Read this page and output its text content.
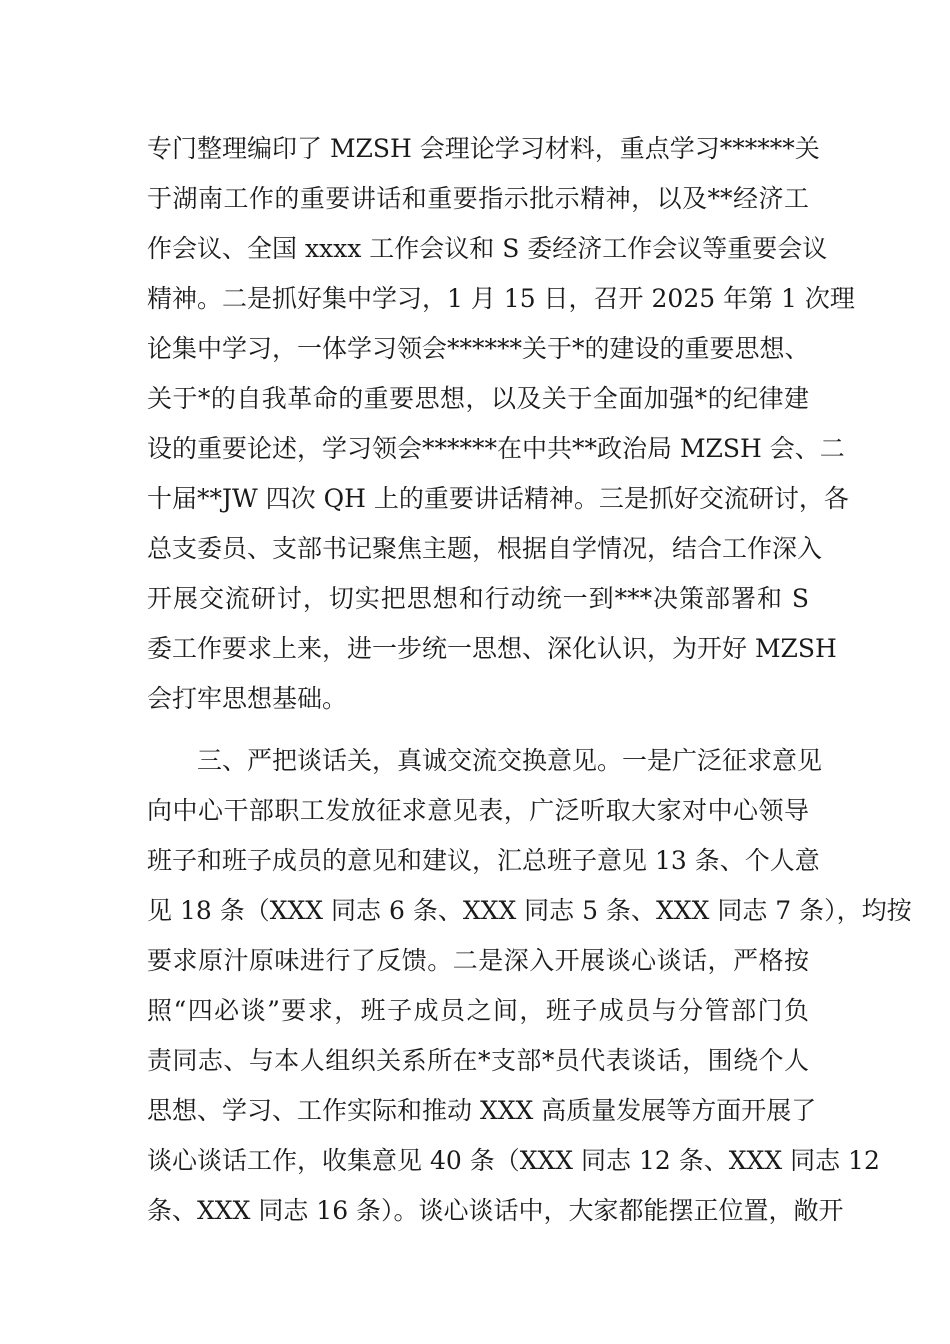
专门整理编印了 MZSH 会理论学习材料，重点学习******关
于湖南工作的重要讲话和重要指示批示精神，以及**经济工
作会议、全国 xxxx 工作会议和 S 委经济工作会议等重要会议
精神。二是抓好集中学习，1 月 15 日，召开 2025 年第 1 次理
论集中学习，一体学习领会******关于*的建设的重要思想、
关于*的自我革命的重要思想，以及关于全面加强*的纪律建
设的重要论述，学习领会******在中共**政治局 MZSH 会、二
十届**JW 四次 QH 上的重要讲话精神。三是抓好交流研讨，各
总支委员、支部书记聚焦主题，根据自学情况，结合工作深入
开展交流研讨，切实把思想和行动统一到***决策部署和 S
委工作要求上来，进一步统一思想、深化认识，为开好 MZSH
会打牢思想基础。
　　三、严把谈话关，真诚交流交换意见。一是广泛征求意见
向中心干部职工发放征求意见表，广泛听取大家对中心领导
班子和班子成员的意见和建议，汇总班子意见 13 条、个人意
见 18 条（XXX 同志 6 条、XXX 同志 5 条、XXX 同志 7 条），均按
要求原汁原味进行了反馈。二是深入开展谈心谈话，严格按
照“四必谈”要求，班子成员之间，班子成员与分管部门负
责同志、与本人组织关系所在*支部*员代表谈话，围绕个人
思想、学习、工作实际和推动 XXX 高质量发展等方面开展了
谈心谈话工作，收集意见 40 条（XXX 同志 12 条、XXX 同志 12
条、XXX 同志 16 条）。谈心谈话中，大家都能摆正位置，敞开
